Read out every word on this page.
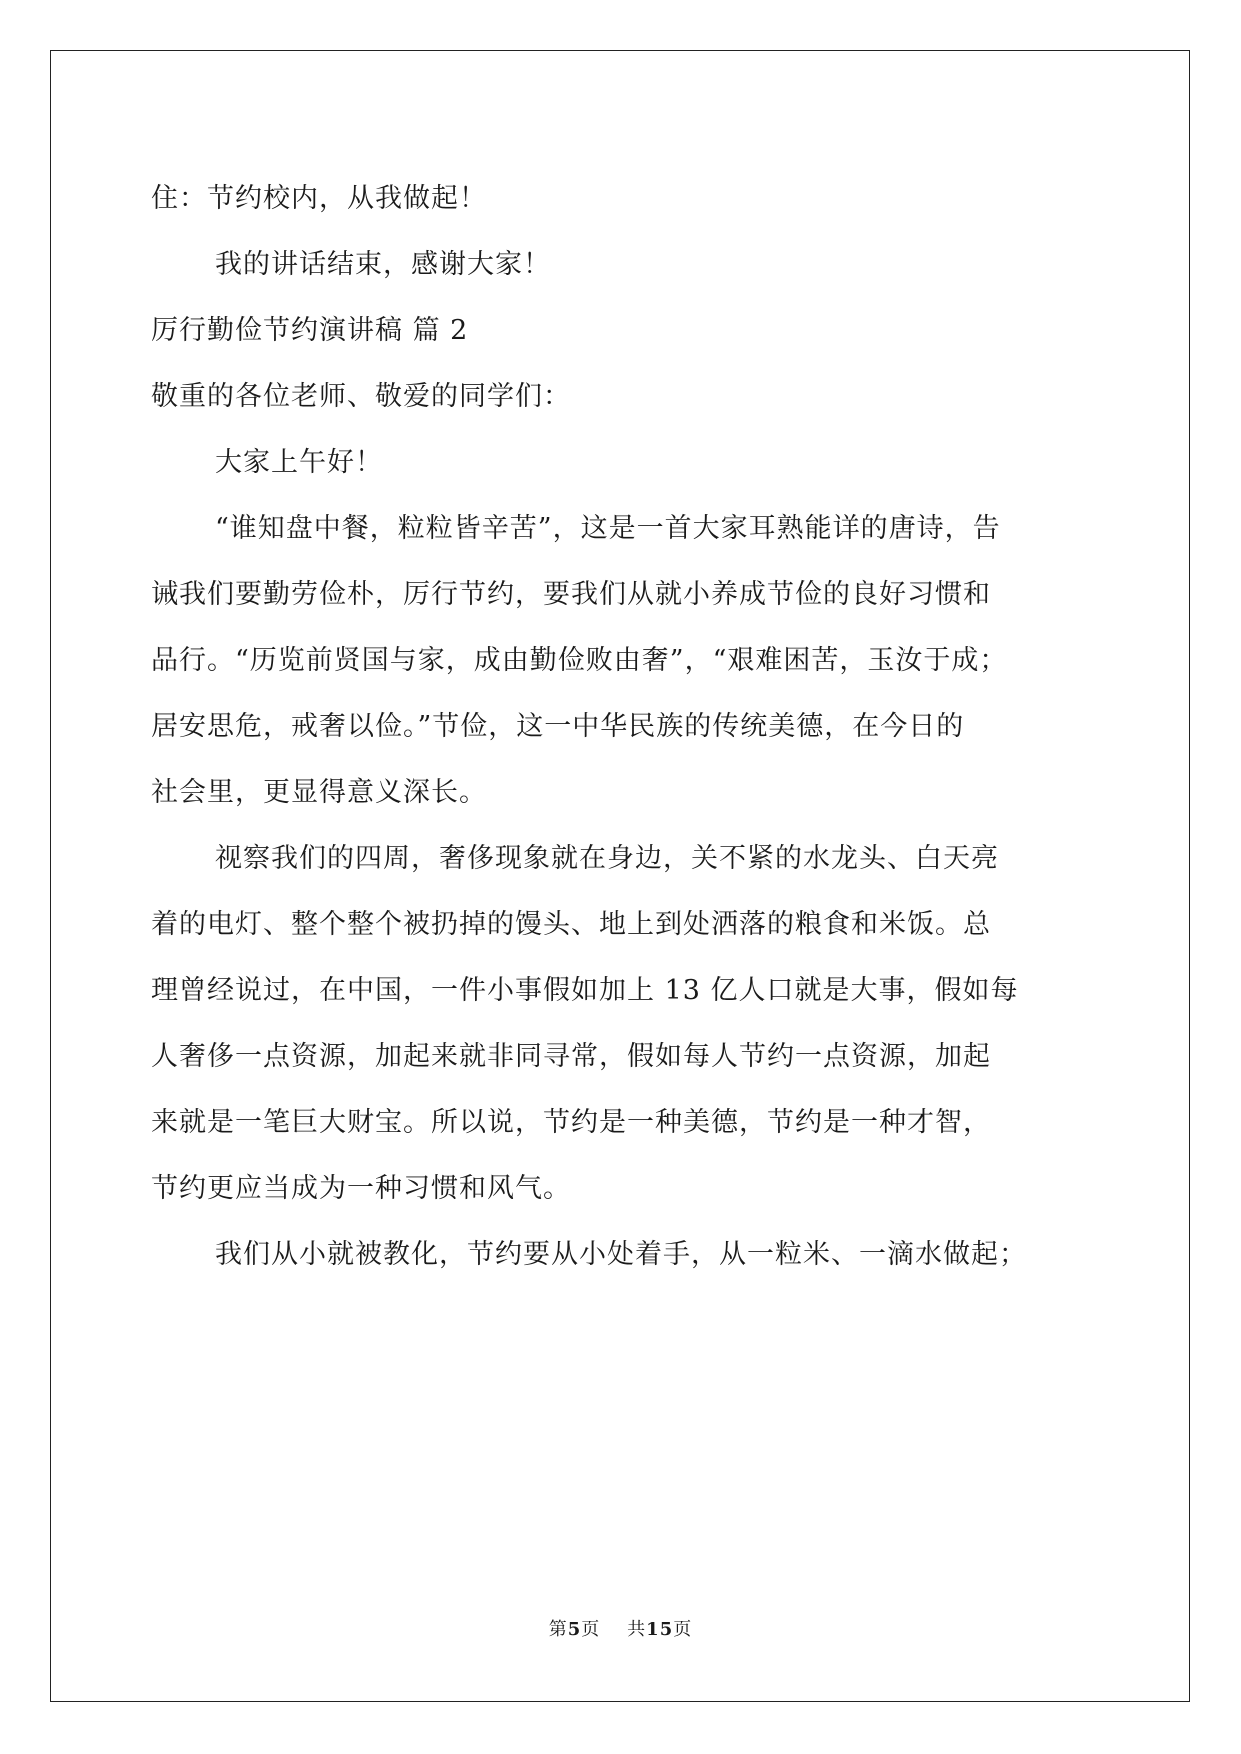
住：节约校内，从我做起！
我的讲话结束，感谢大家！
厉行勤俭节约演讲稿 篇 2
敬重的各位老师、敬爱的同学们：
大家上午好！
“谁知盘中餐，粒粒皆辛苦”，这是一首大家耳熟能详的唐诗，告
诫我们要勤劳俭朴，厉行节约，要我们从就小养成节俭的良好习惯和
品行。“历览前贤国与家，成由勤俭败由奢”，“艰难困苦，玉汝于成；
居安思危，戒奢以俭。”节俭，这一中华民族的传统美德，在今日的
社会里，更显得意义深长。
视察我们的四周，奢侈现象就在身边，关不紧的水龙头、白天亮
着的电灯、整个整个被扔掉的馒头、地上到处洒落的粮食和米饭。总
理曾经说过，在中国，一件小事假如加上 13 亿人口就是大事，假如每
人奢侈一点资源，加起来就非同寻常，假如每人节约一点资源，加起
来就是一笔巨大财宝。所以说，节约是一种美德，节约是一种才智，
节约更应当成为一种习惯和风气。
我们从小就被教化，节约要从小处着手，从一粒米、一滴水做起；
第5页 共15页
